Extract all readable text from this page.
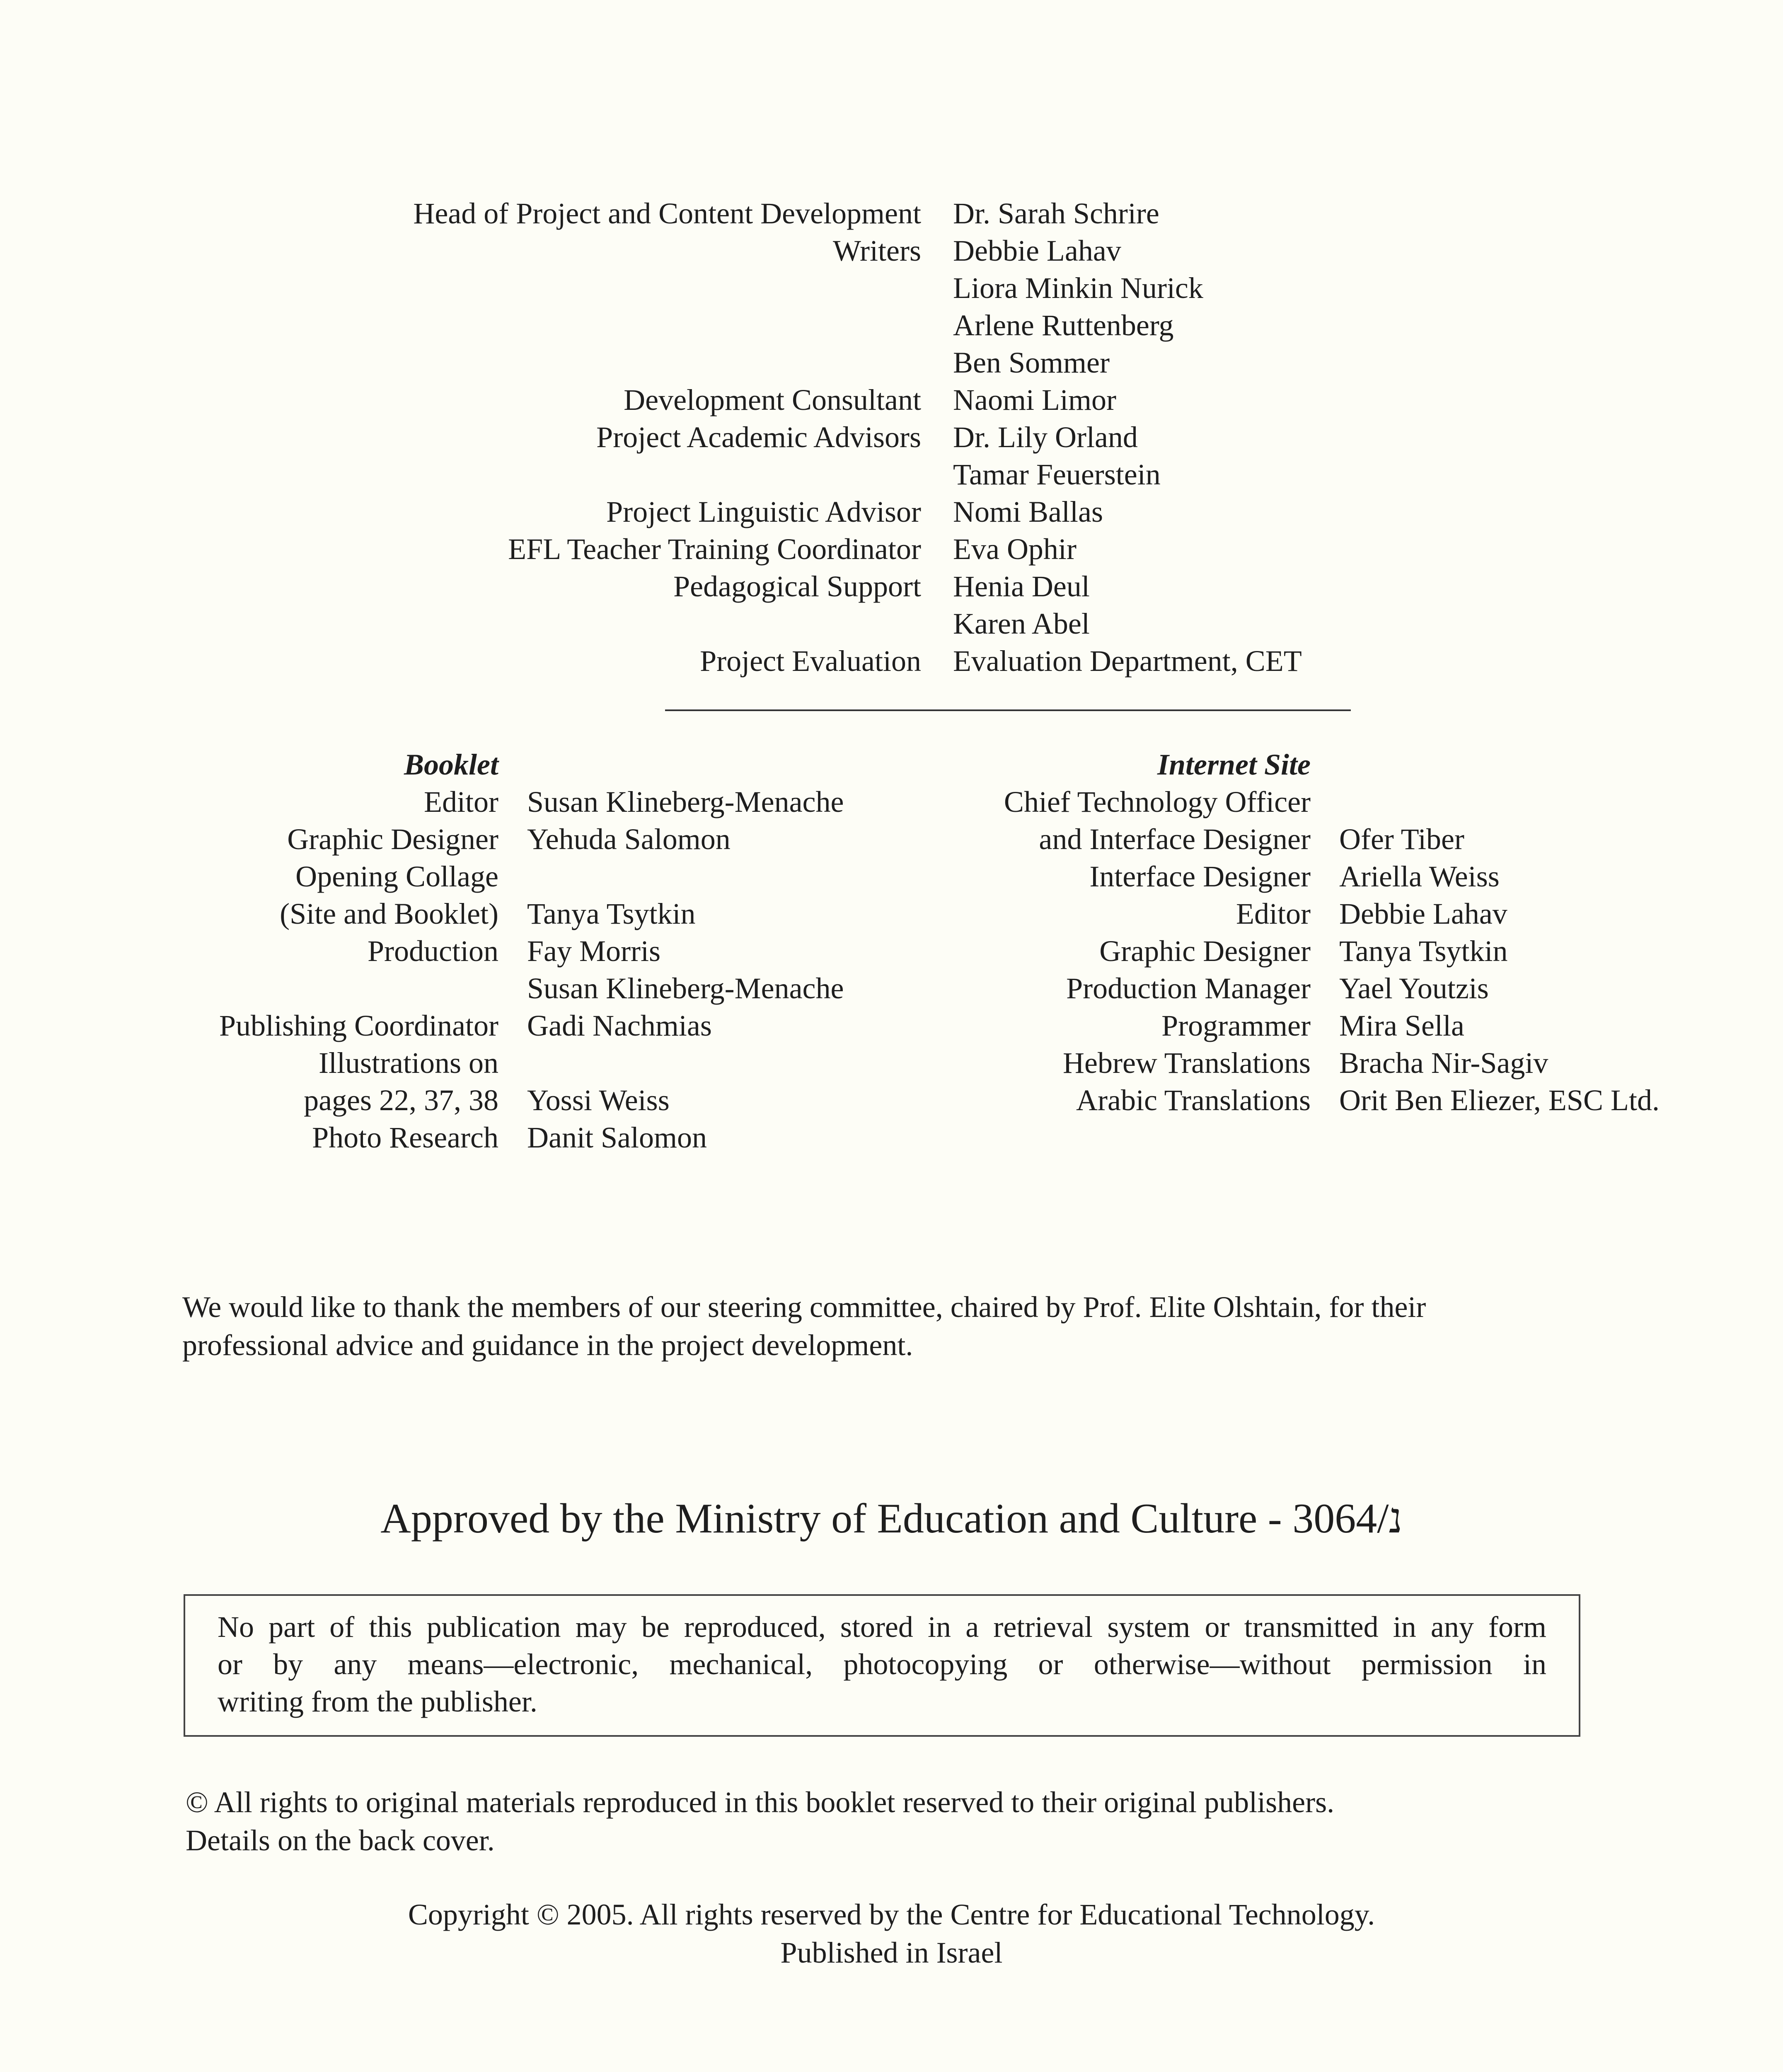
Head of Project and Content Development Dr. Sarah Schrire
Writers Debbie Lahav
Liora Minkin Nurick
Arlene Ruttenberg
Ben Sommer
Development Consultant Naomi Limor
Project Academic Advisors Dr. Lily Orland
Tamar Feuerstein
Project Linguistic Advisor Nomi Ballas
EFL Teacher Training Coordinator Eva Ophir
Pedagogical Support Henia Deul
Karen Abel
Project Evaluation Evaluation Department, CET
Booklet
Editor Susan Klineberg-Menache
Graphic Designer Yehuda Salomon
Opening Collage
(Site and Booklet) Tanya Tsytkin
Production Fay Morris
Susan Klineberg-Menache
Publishing Coordinator Gadi Nachmias
Illustrations on
pages 22, 37, 38 Yossi Weiss
Photo Research Danit Salomon
Internet Site
Chief Technology Officer
and Interface Designer Ofer Tiber
Interface Designer Ariella Weiss
Editor Debbie Lahav
Graphic Designer Tanya Tsytkin
Production Manager Yael Youtzis
Programmer Mira Sella
Hebrew Translations Bracha Nir-Sagiv
Arabic Translations Orit Ben Eliezer, ESC Ltd.
We would like to thank the members of our steering committee, chaired by Prof. Elite Olshtain, for their
professional advice and guidance in the project development.
Approved by the Ministry of Education and Culture - 3064/נ
No part of this publication may be reproduced, stored in a retrieval system or transmitted in any form
or by any means—electronic, mechanical, photocopying or otherwise—without permission in
writing from the publisher.
© All rights to original materials reproduced in this booklet reserved to their original publishers.
Details on the back cover.
Copyright © 2005. All rights reserved by the Centre for Educational Technology.
Published in Israel
